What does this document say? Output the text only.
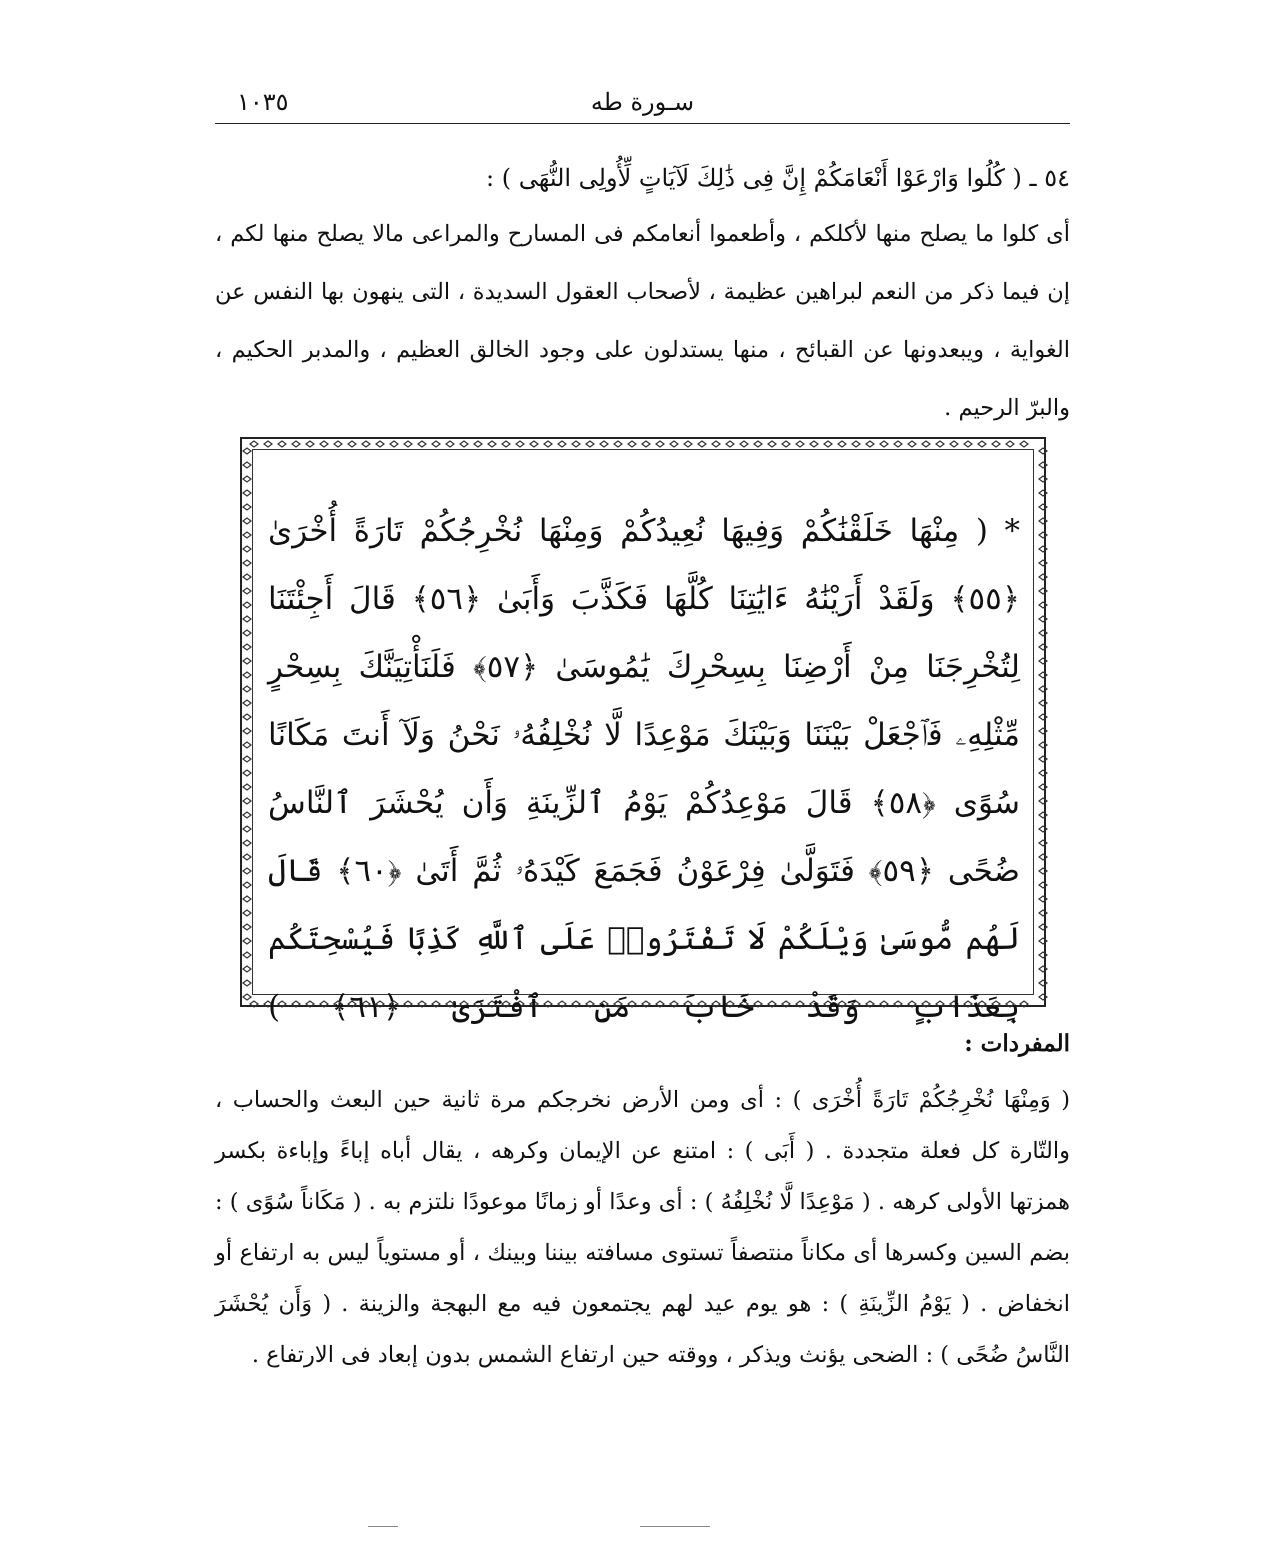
سـورة طه
١٠٣٥
٥٤ ـ ( كُلُوا وَارْعَوْا أَنْعَامَكُمْ إِنَّ فِى ذَٰلِكَ لَآيَاتٍ لِّأُولِى النُّهَى ) :
أى كلوا ما يصلح منها لأكلكم ، وأطعموا أنعامكم فى المسارح والمراعى مالا يصلح منها لكم ، إن فيما ذكر من النعم لبراهين عظيمة ، لأصحاب العقول السديدة ، التى ينهون بها النفس عن الغواية ، ويبعدونها عن القبائح ، منها يستدلون على وجود الخالق العظيم ، والمدبر الحكيم ، والبرّ الرحيم .
* ( مِنْهَا خَلَقْنَٰكُمْ وَفِيهَا نُعِيدُكُمْ وَمِنْهَا نُخْرِجُكُمْ تَارَةً أُخْرَىٰ ﴿٥٥﴾ وَلَقَدْ أَرَيْنَٰهُ ءَايَٰتِنَا كُلَّهَا فَكَذَّبَ وَأَبَىٰ ﴿٥٦﴾ قَالَ أَجِئْتَنَا لِتُخْرِجَنَا مِنْ أَرْضِنَا بِسِحْرِكَ يَٰمُوسَىٰ ﴿٥٧﴾ فَلَنَأْتِيَنَّكَ بِسِحْرٍ مِّثْلِهِۦ فَٱجْعَلْ بَيْنَنَا وَبَيْنَكَ مَوْعِدًا لَّا نُخْلِفُهُۥ نَحْنُ وَلَآ أَنتَ مَكَانًا سُوًى ﴿٥٨﴾ قَالَ مَوْعِدُكُمْ يَوْمُ ٱلزِّينَةِ وَأَن يُحْشَرَ ٱلنَّاسُ ضُحًى ﴿٥٩﴾ فَتَوَلَّىٰ فِرْعَوْنُ فَجَمَعَ كَيْدَهُۥ ثُمَّ أَتَىٰ ﴿٦٠﴾ قَالَ لَهُم مُّوسَىٰ وَيْلَكُمْ لَا تَفْتَرُوا۟ عَلَى ٱللَّهِ كَذِبًا فَيُسْحِتَكُم بِعَذَابٍ وَقَدْ خَابَ مَنِ ٱفْتَرَىٰ ﴿٦١﴾ )
المفردات :
( وَمِنْهَا نُخْرِجُكُمْ تَارَةً أُخْرَى ) : أى ومن الأرض نخرجكم مرة ثانية حين البعث والحساب ، والتّارة كل فعلة متجددة . ( أَبَى ) : امتنع عن الإيمان وكرهه ، يقال أباه إباءً وإباءة بكسر همزتها الأولى كرهه . ( مَوْعِدًا لَّا نُخْلِفُهُ ) : أى وعدًا أو زمانًا موعودًا نلتزم به . ( مَكَاناً سُوًى ) : بضم السين وكسرها أى مكاناً منتصفاً تستوى مسافته بيننا وبينك ، أو مستوياً ليس به ارتفاع أو انخفاض . ( يَوْمُ الزِّينَةِ ) : هو يوم عيد لهم يجتمعون فيه مع البهجة والزينة . ( وَأَن يُحْشَرَ النَّاسُ ضُحًى ) : الضحى يؤنث ويذكر ، ووقته حين ارتفاع الشمس بدون إبعاد فى الارتفاع .
